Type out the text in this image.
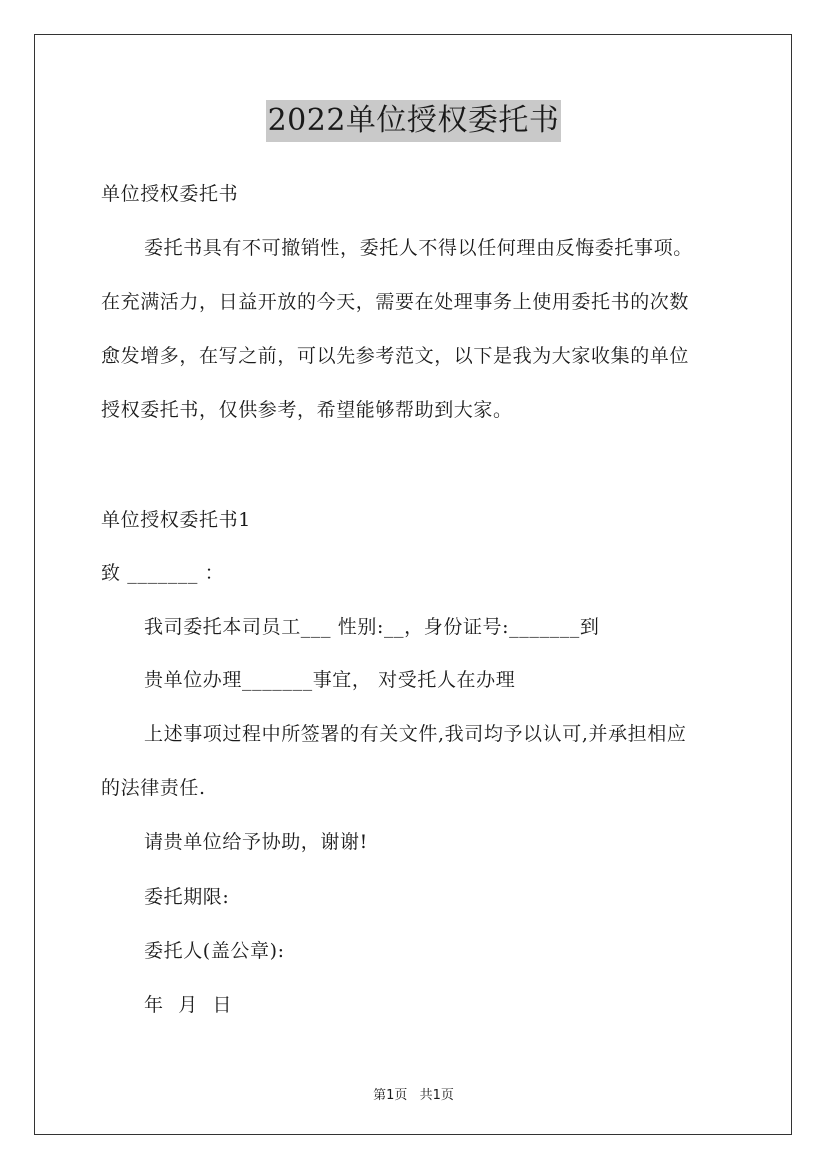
2022单位授权委托书
单位授权委托书
委托书具有不可撤销性，委托人不得以任何理由反悔委托事项。
在充满活力，日益开放的今天，需要在处理事务上使用委托书的次数
愈发增多，在写之前，可以先参考范文，以下是我为大家收集的单位
授权委托书，仅供参考，希望能够帮助到大家。
单位授权委托书1
致 _______ ：
我司委托本司员工___ 性别:__，身份证号:_______到
贵单位办理_______事宜， 对受托人在办理
上述事项过程中所签署的有关文件,我司均予以认可,并承担相应
的法律责任.
请贵单位给予协助，谢谢!
委托期限:
委托人(盖公章):
年 月 日
第1页 共1页
